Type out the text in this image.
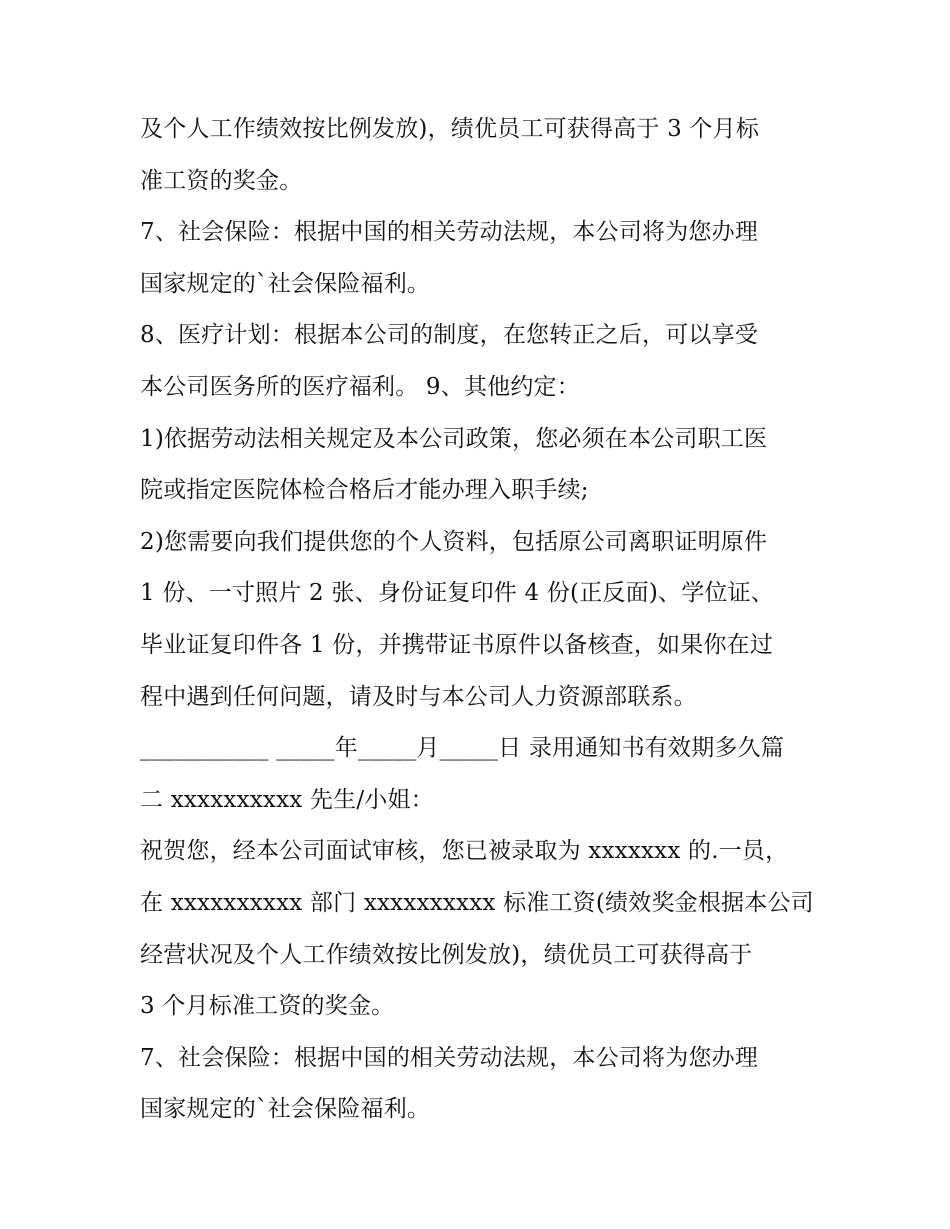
及个人工作绩效按比例发放)，绩优员工可获得高于 3 个月标
准工资的奖金。
7、社会保险：根据中国的相关劳动法规，本公司将为您办理
国家规定的`社会保险福利。
8、医疗计划：根据本公司的制度，在您转正之后，可以享受
本公司医务所的医疗福利。 9、其他约定：
1)依据劳动法相关规定及本公司政策，您必须在本公司职工医
院或指定医院体检合格后才能办理入职手续;
2)您需要向我们提供您的个人资料，包括原公司离职证明原件
1 份、一寸照片 2 张、身份证复印件 4 份(正反面)、学位证、
毕业证复印件各 1 份，并携带证书原件以备核查，如果你在过
程中遇到任何问题，请及时与本公司人力资源部联系。
___________ _____年_____月_____日 录用通知书有效期多久篇
二 xxxxxxxxxx 先生/小姐：
祝贺您，经本公司面试审核，您已被录取为 xxxxxxx 的.一员，
在 xxxxxxxxxx 部门 xxxxxxxxxx 标准工资(绩效奖金根据本公司
经营状况及个人工作绩效按比例发放)，绩优员工可获得高于
3 个月标准工资的奖金。
7、社会保险：根据中国的相关劳动法规，本公司将为您办理
国家规定的`社会保险福利。
